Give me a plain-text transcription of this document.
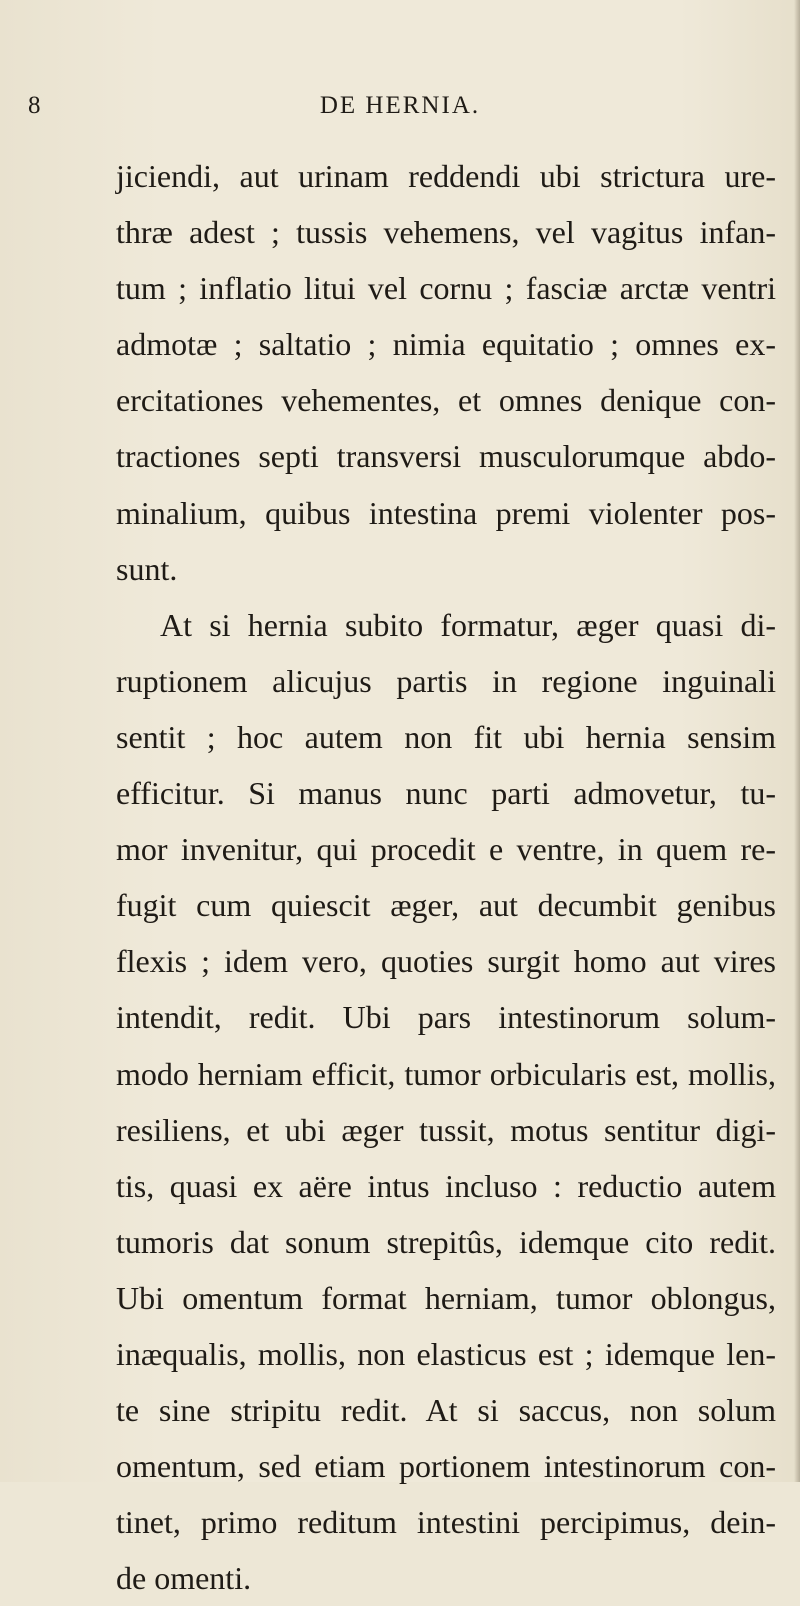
8	DE HERNIA.
jiciendi, aut urinam reddendi ubi strictura ure-
thræ adest ; tussis vehemens, vel vagitus infan-
tum ; inflatio litui vel cornu ; fasciæ arctæ ventri
admotæ ; saltatio ; nimia equitatio ; omnes ex-
ercitationes vehementes, et omnes denique con-
tractiones septi transversi musculorumque abdo-
minalium, quibus intestina premi violenter pos-
sunt.
At si hernia subito formatur, æger quasi di-
ruptionem alicujus partis in regione inguinali
sentit ; hoc autem non fit ubi hernia sensim
efficitur. Si manus nunc parti admovetur, tu-
mor invenitur, qui procedit e ventre, in quem re-
fugit cum quiescit æger, aut decumbit genibus
flexis ; idem vero, quoties surgit homo aut vires
intendit, redit. Ubi pars intestinorum solum-
modo herniam efficit, tumor orbicularis est, mollis,
resiliens, et ubi æger tussit, motus sentitur digi-
tis, quasi ex aëre intus incluso : reductio autem
tumoris dat sonum strepitûs, idemque cito redit.
Ubi omentum format herniam, tumor oblongus,
inæqualis, mollis, non elasticus est ; idemque len-
te sine stripitu redit. At si saccus, non solum
omentum, sed etiam portionem intestinorum con-
tinet, primo reditum intestini percipimus, dein-
de omenti.
